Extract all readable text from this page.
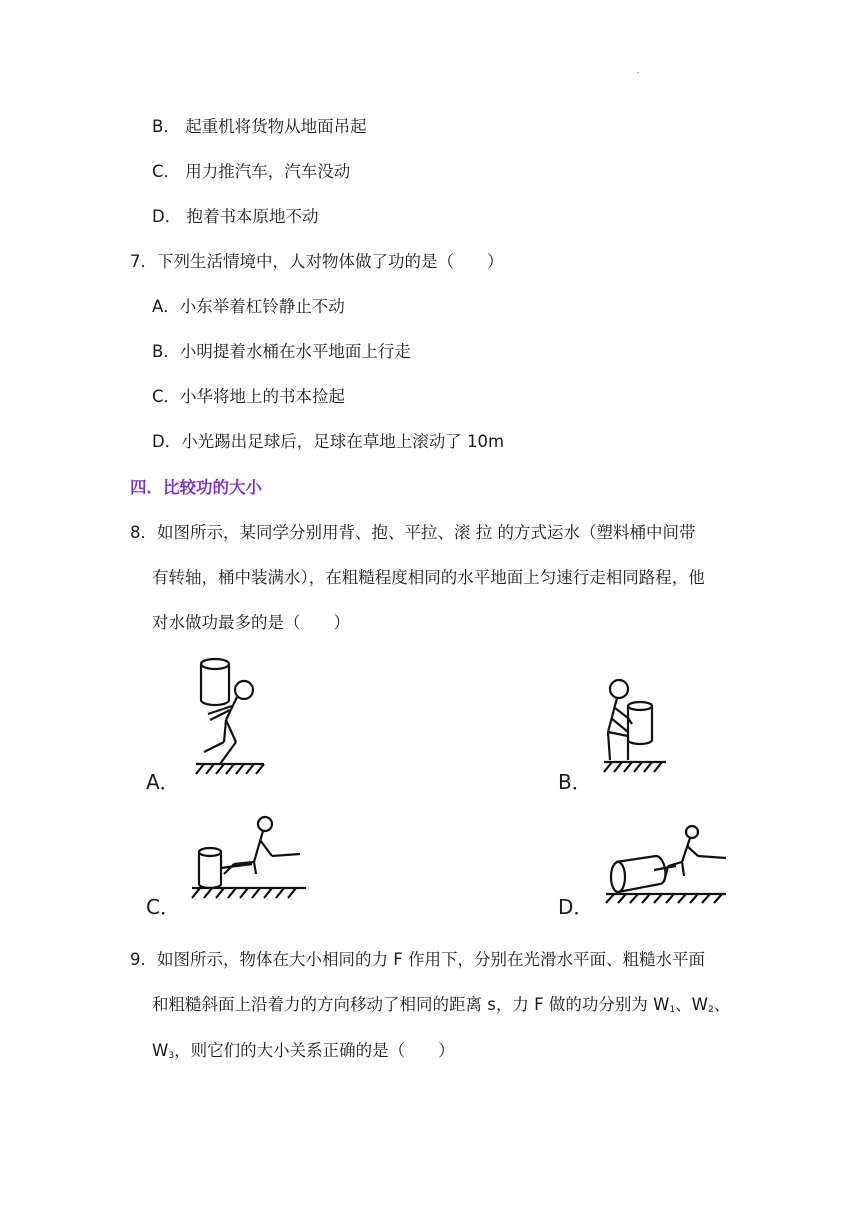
.
B． 起重机将货物从地面吊起
C． 用力推汽车，汽车没动
D． 抱着书本原地不动
7．下列生活情境中，人对物体做了功的是（　　）
A．小东举着杠铃静止不动
B．小明提着水桶在水平地面上行走
C．小华将地上的书本捡起
D．小光踢出足球后，足球在草地上滚动了 10m
四．比较功的大小
8．如图所示，某同学分别用背、抱、平拉、滚 拉 的方式运水（塑料桶中间带
有转轴，桶中装满水），在粗糙程度相同的水平地面上匀速行走相同路程，他
对水做功最多的是（　　）
A．	B．
C．	D．
9．如图所示，物体在大小相同的力 F 作用下，分别在光滑水平面、粗糙水平面
和粗糙斜面上沿着力的方向移动了相同的距离 s，力 F 做的功分别为 $W_1$、$W_2$、
$W_3$，则它们的大小关系正确的是（　　）
